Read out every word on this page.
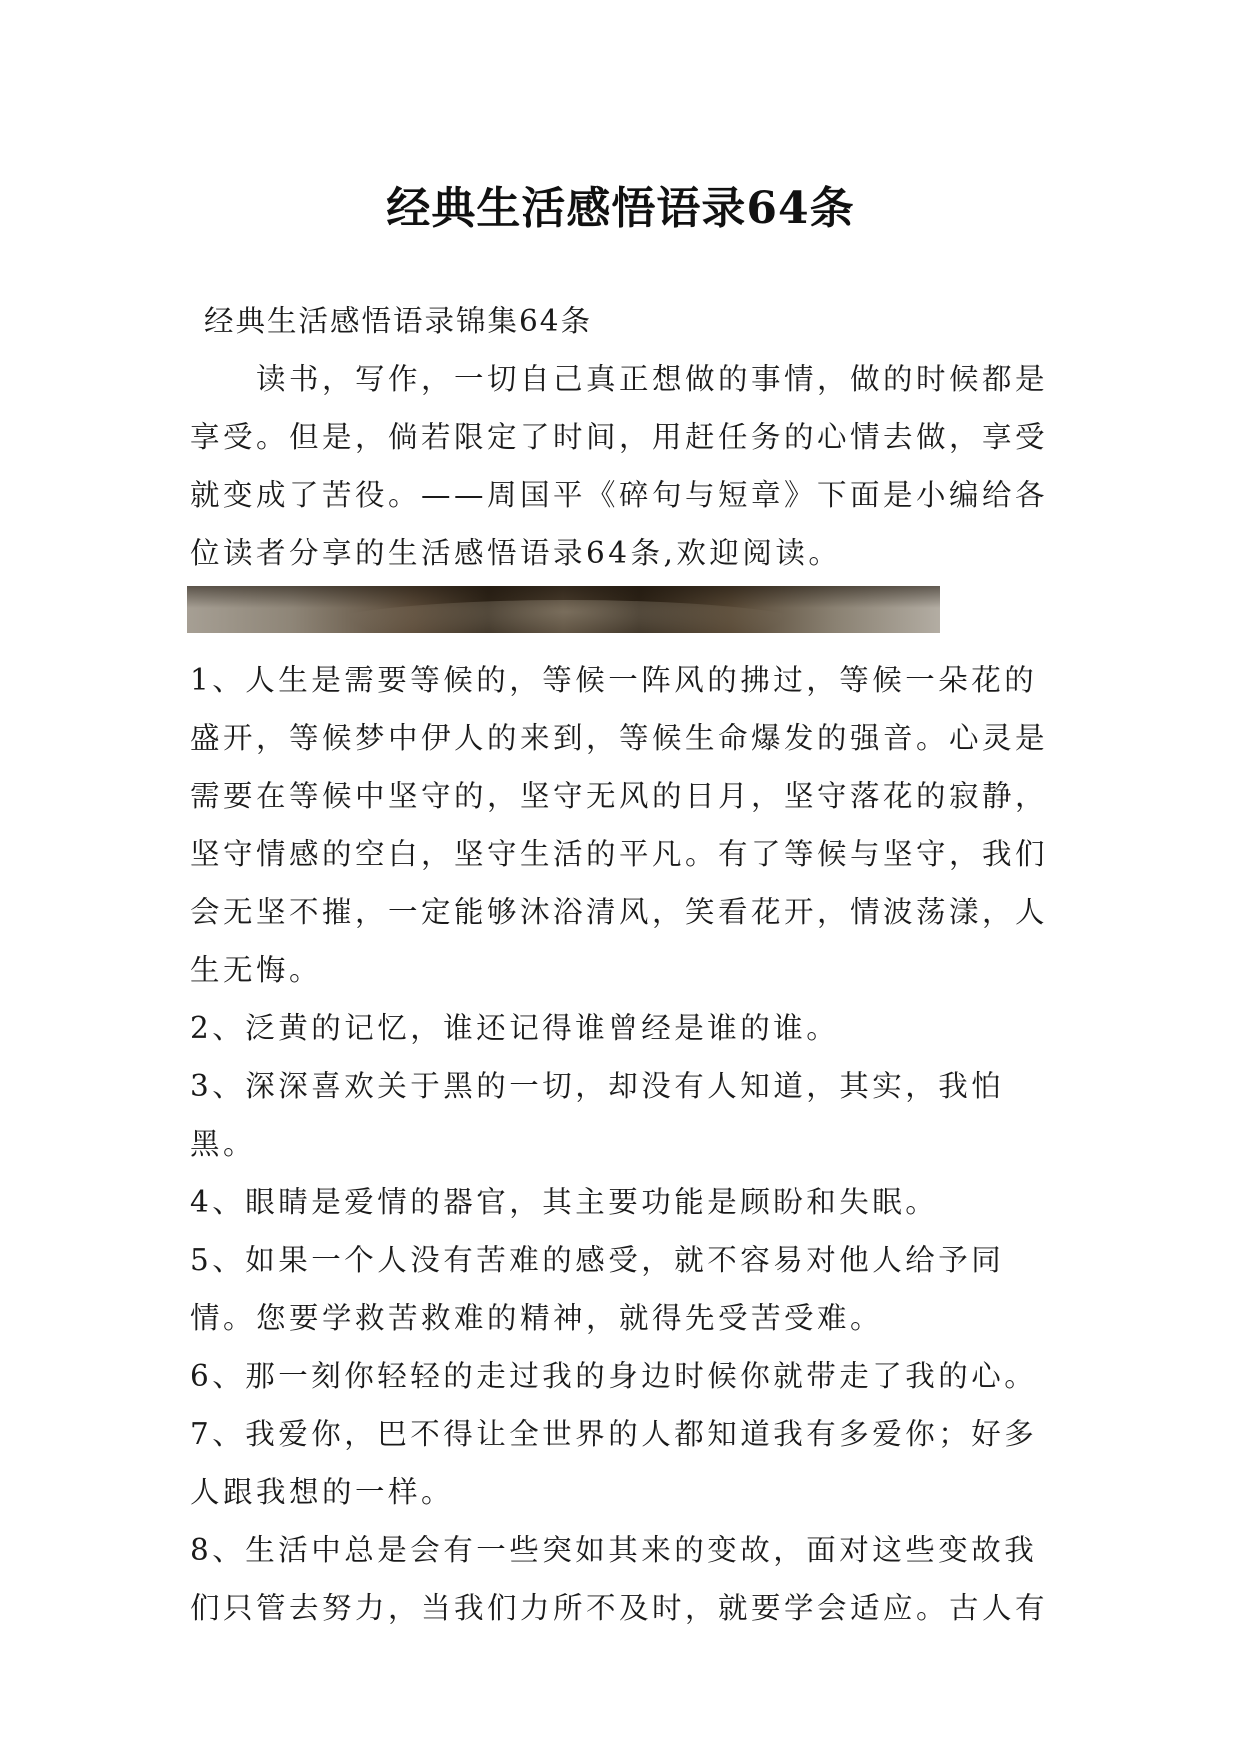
经典生活感悟语录64条

经典生活感悟语录锦集64条

读书，写作，一切自己真正想做的事情，做的时候都是享受。但是，倘若限定了时间，用赶任务的心情去做，享受就变成了苦役。——周国平《碎句与短章》下面是小编给各位读者分享的生活感悟语录64条,欢迎阅读。

1、人生是需要等候的，等候一阵风的拂过，等候一朵花的盛开，等候梦中伊人的来到，等候生命爆发的强音。心灵是需要在等候中坚守的，坚守无风的日月，坚守落花的寂静，坚守情感的空白，坚守生活的平凡。有了等候与坚守，我们会无坚不摧，一定能够沐浴清风，笑看花开，情波荡漾，人生无悔。

2、泛黄的记忆，谁还记得谁曾经是谁的谁。

3、深深喜欢关于黑的一切，却没有人知道，其实，我怕黑。

4、眼睛是爱情的器官，其主要功能是顾盼和失眠。

5、如果一个人没有苦难的感受，就不容易对他人给予同情。您要学救苦救难的精神，就得先受苦受难。

6、那一刻你轻轻的走过我的身边时候你就带走了我的心。

7、我爱你，巴不得让全世界的人都知道我有多爱你；好多人跟我想的一样。

8、生活中总是会有一些突如其来的变故，面对这些变故我们只管去努力，当我们力所不及时，就要学会适应。古人有
